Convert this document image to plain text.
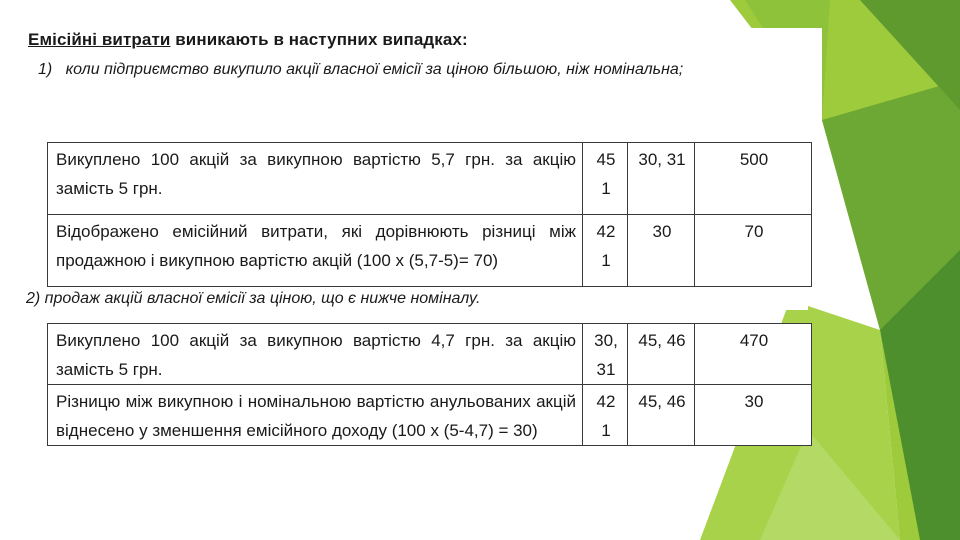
Емісійні витрати виникають в наступних випадках:
1) коли підприємство викупило акції власної емісії за ціною більшою, ніж номінальна;
Викуплено 100 акцій за викупною вартістю 5,7 грн. за акцію замість 5 грн.	45 1	30, 31	500
Відображено емісійний витрати, які дорівнюють різниці між продажною і викупною вартістю акцій (100 х (5,7-5)= 70)	42 1	30	70
2) продаж акцій власної емісії за ціною, що є нижче номіналу.
Викуплено 100 акцій за викупною вартістю 4,7 грн. за акцію замість 5 грн.	30, 31	45, 46	470
Різницю між викупною і номінальною вартістю анульованих акцій віднесено у зменшення емісійного доходу (100 х (5-4,7) = 30)	42 1	45, 46	30
